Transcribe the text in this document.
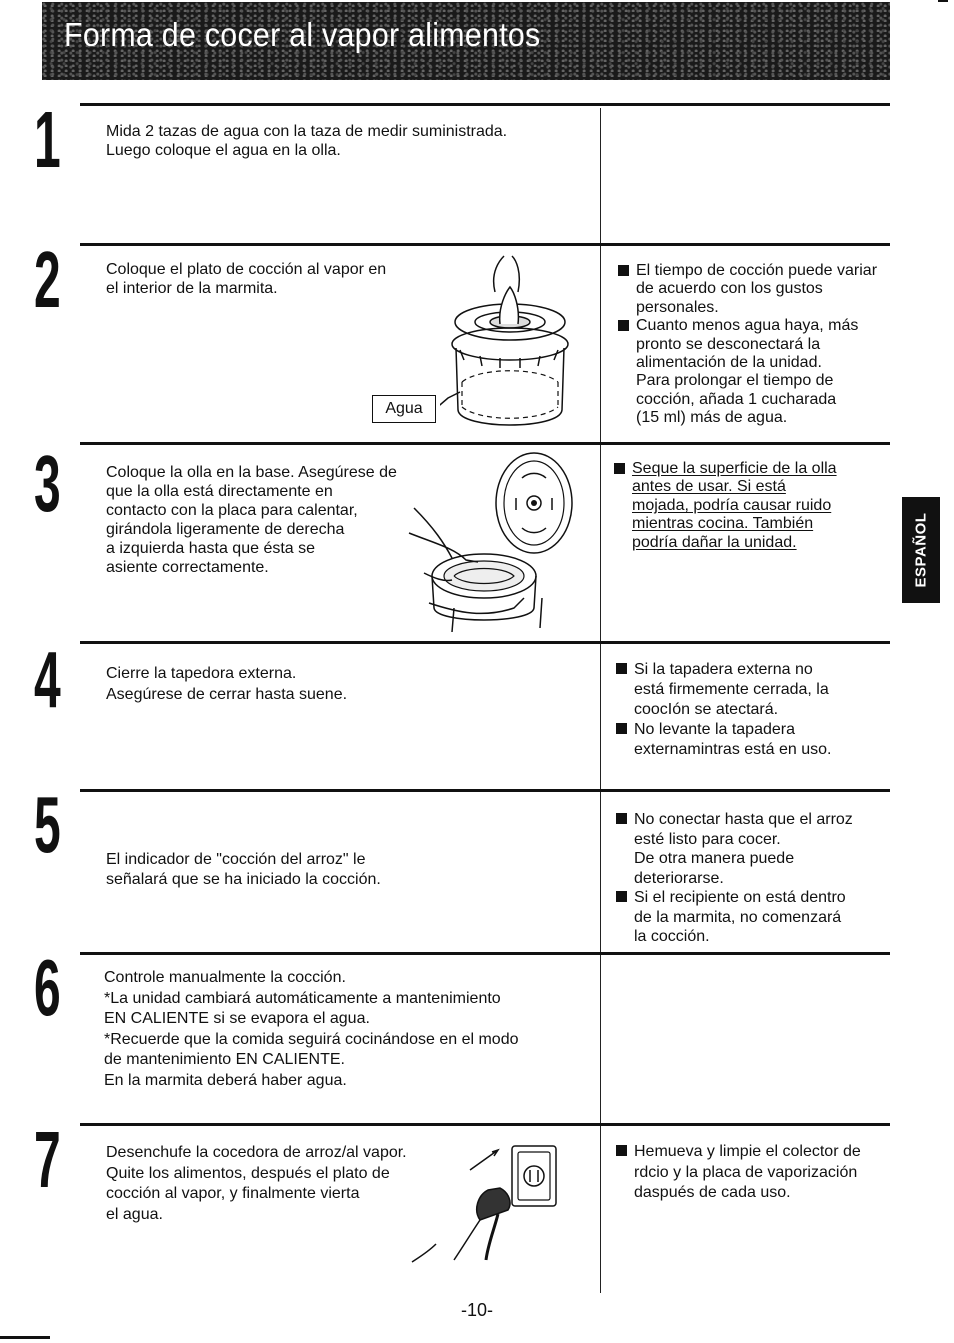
Forma de cocer al vapor alimentos
1	Mida 2 tazas de agua con la taza de medir suministrada.
Luego coloque el agua en la olla.
2	Coloque el plato de cocción al vapor en
el interior de la marmita.
Agua
El tiempo de cocción puede variar
de acuerdo con los gustos
personales.
Cuanto menos agua haya, más
pronto se desconectará la
alimentación de la unidad.
Para prolongar el tiempo de
cocción, añada 1 cucharada
(15 ml) más de agua.
3	Coloque la olla en la base. Asegúrese de
que la olla está directamente en
contacto con la placa para calentar,
girándola ligeramente de derecha
a izquierda hasta que ésta se
asiente correctamente.
Seque la superficie de la olla
antes de usar. Si está
mojada, podría causar ruido
mientras cocina. También
podría dañar la unidad.	ESPAÑOL
4	Cierre la tapedora externa.
Asegúrese de cerrar hasta suene.
Si la tapadera externa no
está firmemente cerrada, la
coocIón se atectará.
No levante la tapadera
externamintras está en uso.
5	El indicador de "cocción del arroz" le
señalará que se ha iniciado la cocción.
No conectar hasta que el arroz
esté listo para cocer.
De otra manera puede
deteriorarse.
Si el recipiente on está dentro
de la marmita, no comenzará
la cocción.
6	Controle manualmente la cocción.
*La unidad cambiará automáticamente a mantenimiento
EN CALIENTE si se evapora el agua.
*Recuerde que la comida seguirá cocinándose en el modo
de mantenimiento EN CALIENTE.
En la marmita deberá haber agua.
7	Desenchufe la cocedora de arroz/al vapor.
Quite los alimentos, después el plato de
cocción al vapor, y finalmente vierta
el agua.
Hemueva y limpie el colector de
rdcio y la placa de vaporización
daspués de cada uso.
-10-
